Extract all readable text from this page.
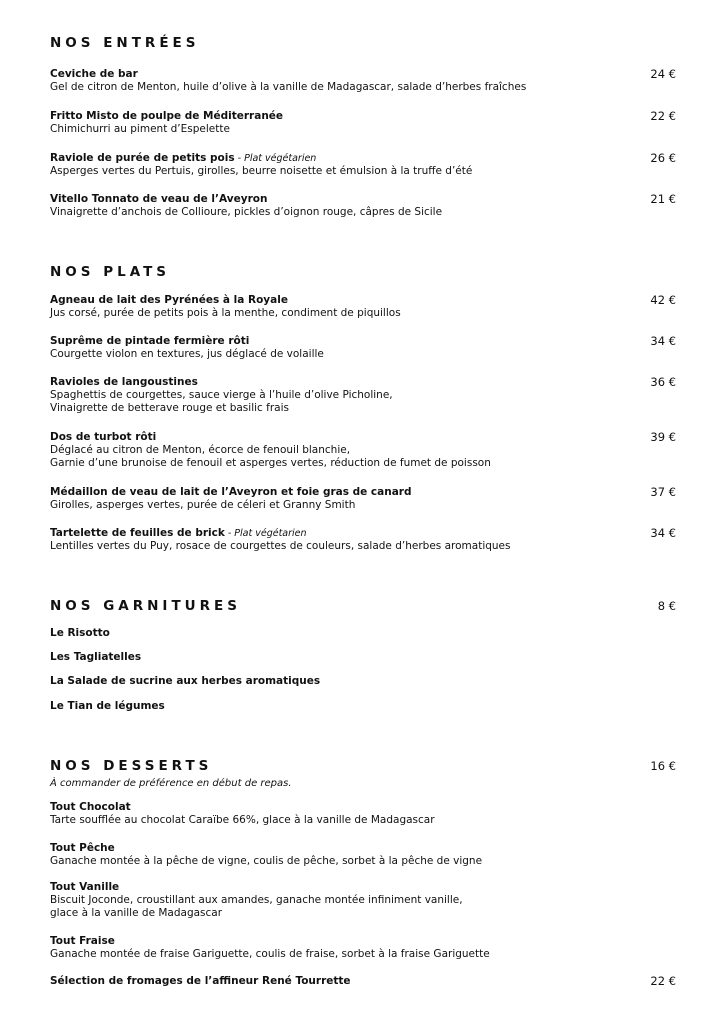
NOS ENTRÉES
Ceviche de bar
Gel de citron de Menton, huile d’olive à la vanille de Madagascar, salade d’herbes fraîches
24 €
Fritto Misto de poulpe de Méditerranée
Chimichurri au piment d’Espelette
22 €
Raviole de purée de petits pois - Plat végétarien
Asperges vertes du Pertuis, girolles, beurre noisette et émulsion à la truffe d’été
26 €
Vitello Tonnato de veau de l’Aveyron
Vinaigrette d’anchois de Collioure, pickles d’oignon rouge, câpres de Sicile
21 €
NOS PLATS
Agneau de lait des Pyrénées à la Royale
Jus corsé, purée de petits pois à la menthe, condiment de piquillos
42 €
Suprême de pintade fermière rôti
Courgette violon en textures, jus déglacé de volaille
34 €
Ravioles de langoustines
Spaghettis de courgettes, sauce vierge à l’huile d’olive Picholine,
Vinaigrette de betterave rouge et basilic frais
36 €
Dos de turbot rôti
Déglacé au citron de Menton, écorce de fenouil blanchie,
Garnie d’une brunoise de fenouil et asperges vertes, réduction de fumet de poisson
39 €
Médaillon de veau de lait de l’Aveyron et foie gras de canard
Girolles, asperges vertes, purée de céleri et Granny Smith
37 €
Tartelette de feuilles de brick - Plat végétarien
Lentilles vertes du Puy, rosace de courgettes de couleurs, salade d’herbes aromatiques
34 €
NOS GARNITURES	8 €
Le Risotto
Les Tagliatelles
La Salade de sucrine aux herbes aromatiques
Le Tian de légumes
NOS DESSERTS	16 €
À commander de préférence en début de repas.
Tout Chocolat
Tarte soufflée au chocolat Caraïbe 66%, glace à la vanille de Madagascar
Tout Pêche
Ganache montée à la pêche de vigne, coulis de pêche, sorbet à la pêche de vigne
Tout Vanille
Biscuit Joconde, croustillant aux amandes, ganache montée infiniment vanille,
glace à la vanille de Madagascar
Tout Fraise
Ganache montée de fraise Gariguette, coulis de fraise, sorbet à la fraise Gariguette
Sélection de fromages de l’affineur René Tourrette	22 €
